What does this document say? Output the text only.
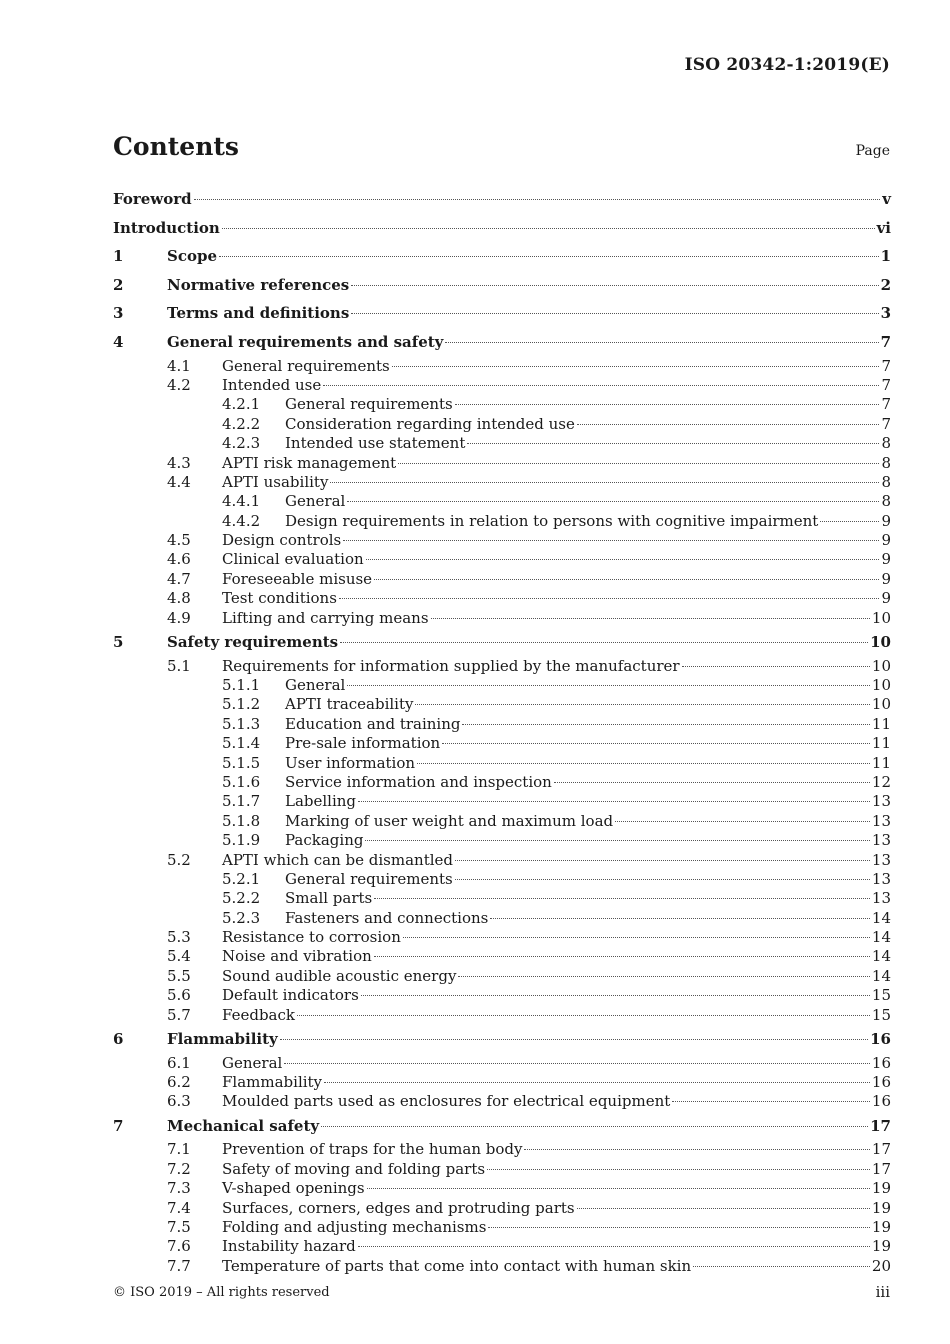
ISO 20342-1:2019(E)
Contents	Page
Foreword	v
Introduction	vi
1	Scope	1
2	Normative references	2
3	Terms and definitions	3
4	General requirements and safety	7
4.1	General requirements	7
4.2	Intended use	7
4.2.1	General requirements	7
4.2.2	Consideration regarding intended use	7
4.2.3	Intended use statement	8
4.3	APTI risk management	8
4.4	APTI usability	8
4.4.1	General	8
4.4.2	Design requirements in relation to persons with cognitive impairment	9
4.5	Design controls	9
4.6	Clinical evaluation	9
4.7	Foreseeable misuse	9
4.8	Test conditions	9
4.9	Lifting and carrying means	10
5	Safety requirements	10
5.1	Requirements for information supplied by the manufacturer	10
5.1.1	General	10
5.1.2	APTI traceability	10
5.1.3	Education and training	11
5.1.4	Pre-sale information	11
5.1.5	User information	11
5.1.6	Service information and inspection	12
5.1.7	Labelling	13
5.1.8	Marking of user weight and maximum load	13
5.1.9	Packaging	13
5.2	APTI which can be dismantled	13
5.2.1	General requirements	13
5.2.2	Small parts	13
5.2.3	Fasteners and connections	14
5.3	Resistance to corrosion	14
5.4	Noise and vibration	14
5.5	Sound audible acoustic energy	14
5.6	Default indicators	15
5.7	Feedback	15
6	Flammability	16
6.1	General	16
6.2	Flammability	16
6.3	Moulded parts used as enclosures for electrical equipment	16
7	Mechanical safety	17
7.1	Prevention of traps for the human body	17
7.2	Safety of moving and folding parts	17
7.3	V-shaped openings	19
7.4	Surfaces, corners, edges and protruding parts	19
7.5	Folding and adjusting mechanisms	19
7.6	Instability hazard	19
7.7	Temperature of parts that come into contact with human skin	20
© ISO 2019 – All rights reserved	iii
